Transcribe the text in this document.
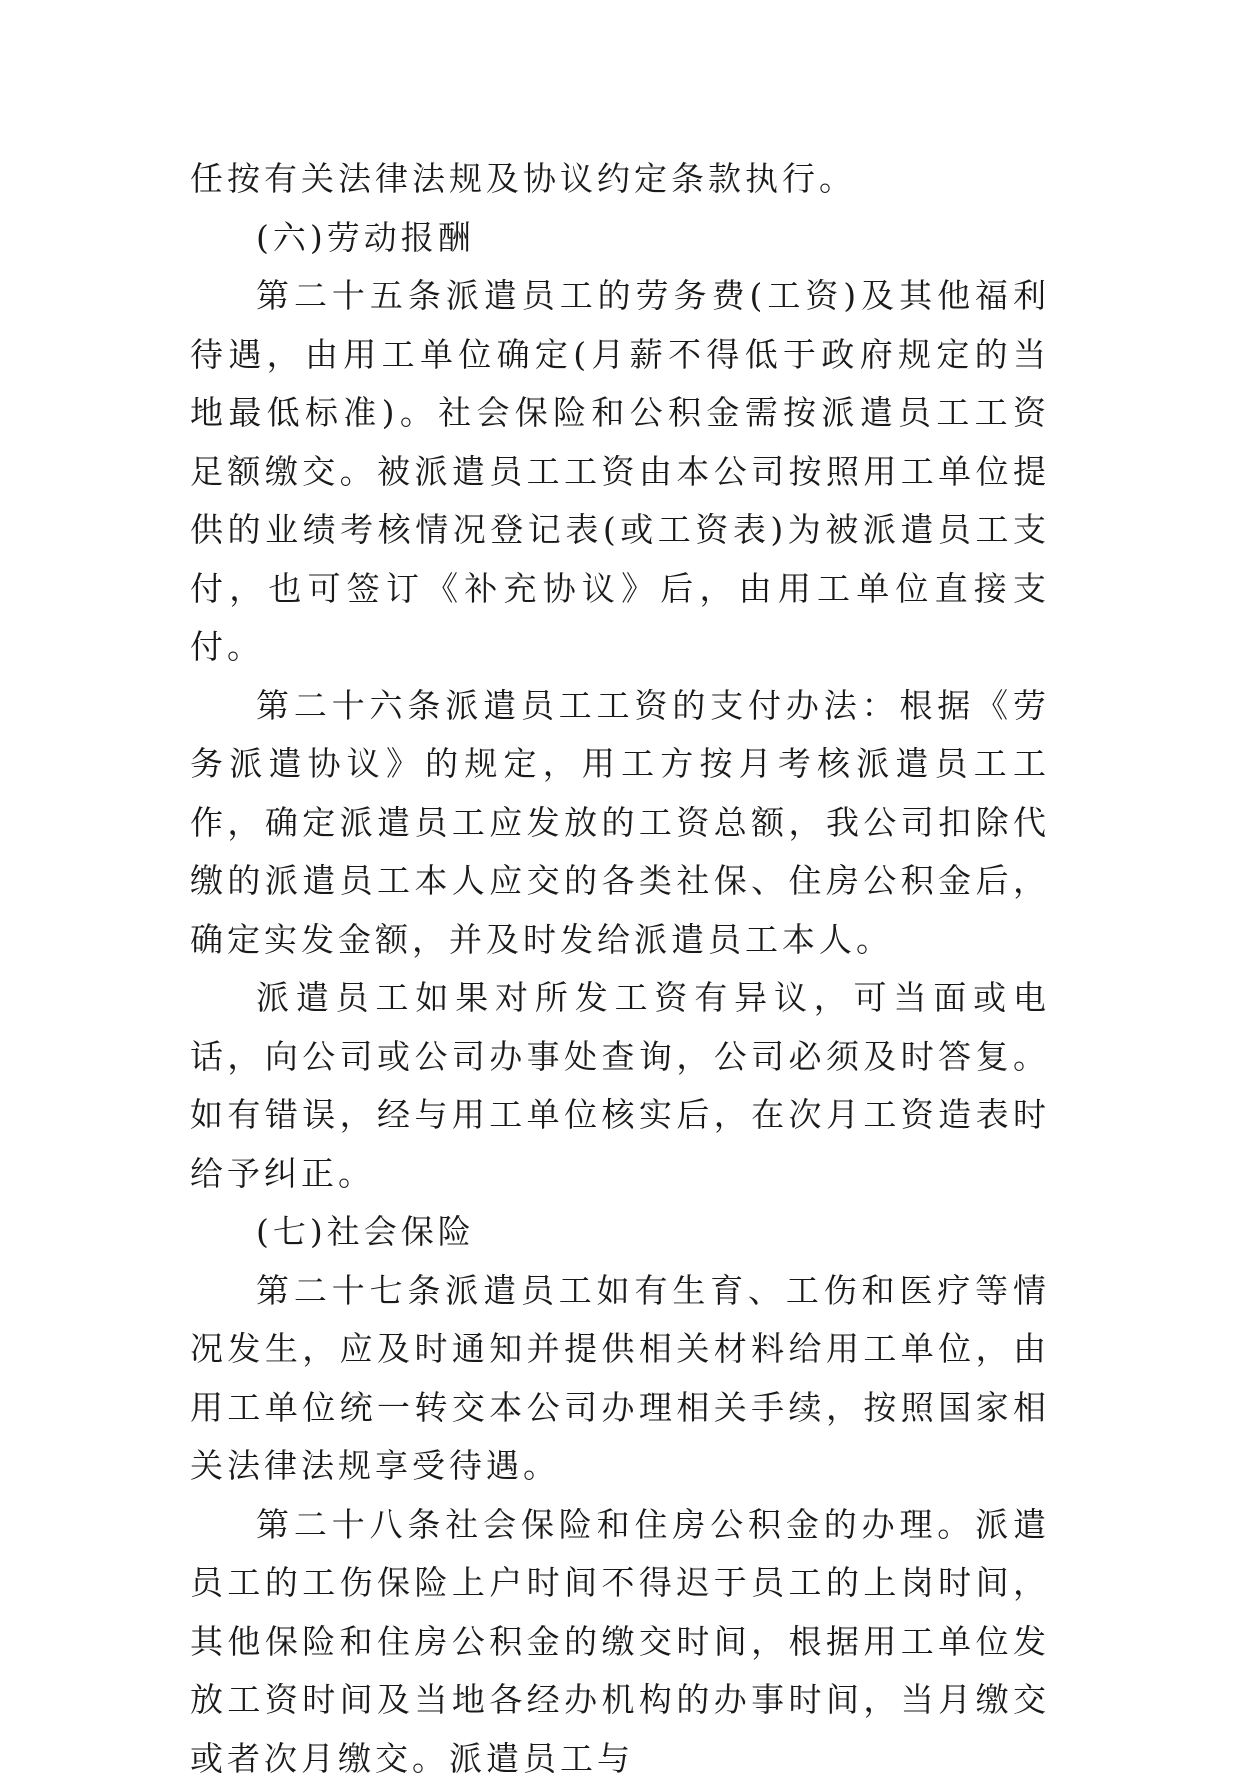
任按有关法律法规及协议约定条款执行。

(六)劳动报酬

第二十五条派遣员工的劳务费(工资)及其他福利待遇，由用工单位确定(月薪不得低于政府规定的当地最低标准)。社会保险和公积金需按派遣员工工资足额缴交。被派遣员工工资由本公司按照用工单位提供的业绩考核情况登记表(或工资表)为被派遣员工支付，也可签订《补充协议》后，由用工单位直接支付。

第二十六条派遣员工工资的支付办法：根据《劳务派遣协议》的规定，用工方按月考核派遣员工工作，确定派遣员工应发放的工资总额，我公司扣除代缴的派遣员工本人应交的各类社保、住房公积金后，确定实发金额，并及时发给派遣员工本人。

派遣员工如果对所发工资有异议，可当面或电话，向公司或公司办事处查询，公司必须及时答复。如有错误，经与用工单位核实后，在次月工资造表时给予纠正。

(七)社会保险

第二十七条派遣员工如有生育、工伤和医疗等情况发生，应及时通知并提供相关材料给用工单位，由用工单位统一转交本公司办理相关手续，按照国家相关法律法规享受待遇。

第二十八条社会保险和住房公积金的办理。派遣员工的工伤保险上户时间不得迟于员工的上岗时间，其他保险和住房公积金的缴交时间，根据用工单位发放工资时间及当地各经办机构的办事时间，当月缴交或者次月缴交。派遣员工与
